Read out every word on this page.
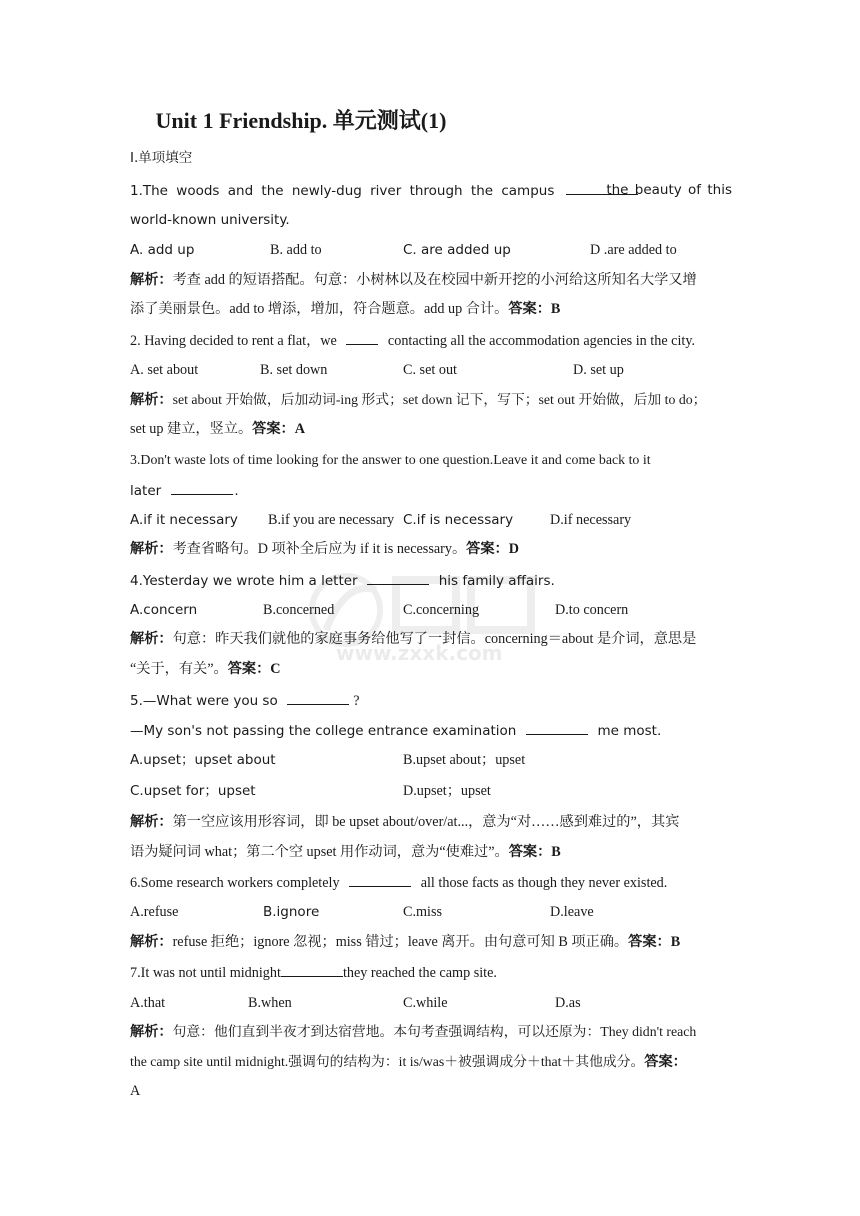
www.zxxk.com
Unit 1 Friendship. 单元测试(1)
Ⅰ.单项填空
1.The woods and the newly-dug river through the campus	the beauty of this
world-known university.
A. add up	B. add to	C. are added up	D .are added to
解析：考查 add 的短语搭配。句意：小树林以及在校园中新开挖的小河给这所知名大学又增
添了美丽景色。add to 增添，增加，符合题意。add up 合计。答案：B
2. Having decided to rent a flat，we	contacting all the accommodation agencies in the city.
A. set about	B. set down	C. set out	D. set up
解析：set about 开始做，后加动词-ing 形式；set down 记下，写下；set out 开始做，后加 to do；
set up 建立，竖立。答案：A
3.Don't waste lots of time looking for the answer to one question.Leave it and come back to it
later	.
A.if it necessary B.if you are necessary C.if is necessary	D.if necessary
解析：考查省略句。D 项补全后应为 if it is necessary。答案：D
4.Yesterday we wrote him a letter	his family affairs.
A.concern	B.concerned	C.concerning	D.to concern
解析：句意：昨天我们就他的家庭事务给他写了一封信。concerning＝about 是介词，意思是
“关于，有关”。答案：C
5.—What were you so	?
—My son's not passing the college entrance examination	me most.
A.upset；upset about	B.upset about；upset
C.upset for；upset	D.upset；upset
解析：第一空应该用形容词，即 be upset about/over/at...，意为“对……感到难过的”，其宾
语为疑问词 what；第二个空 upset 用作动词，意为“使难过”。答案：B
6.Some research workers completely	all those facts as though they never existed.
A.refuse	B.ignore	C.miss	D.leave
解析：refuse 拒绝；ignore 忽视；miss 错过；leave 离开。由句意可知 B 项正确。答案：B
7.It was not until midnight	they reached the camp site.
A.that	B.when	C.while	D.as
解析：句意：他们直到半夜才到达宿营地。本句考查强调结构，可以还原为：They didn't reach
the camp site until midnight.强调句的结构为：it is/was＋被强调成分＋that＋其他成分。答案：
A
